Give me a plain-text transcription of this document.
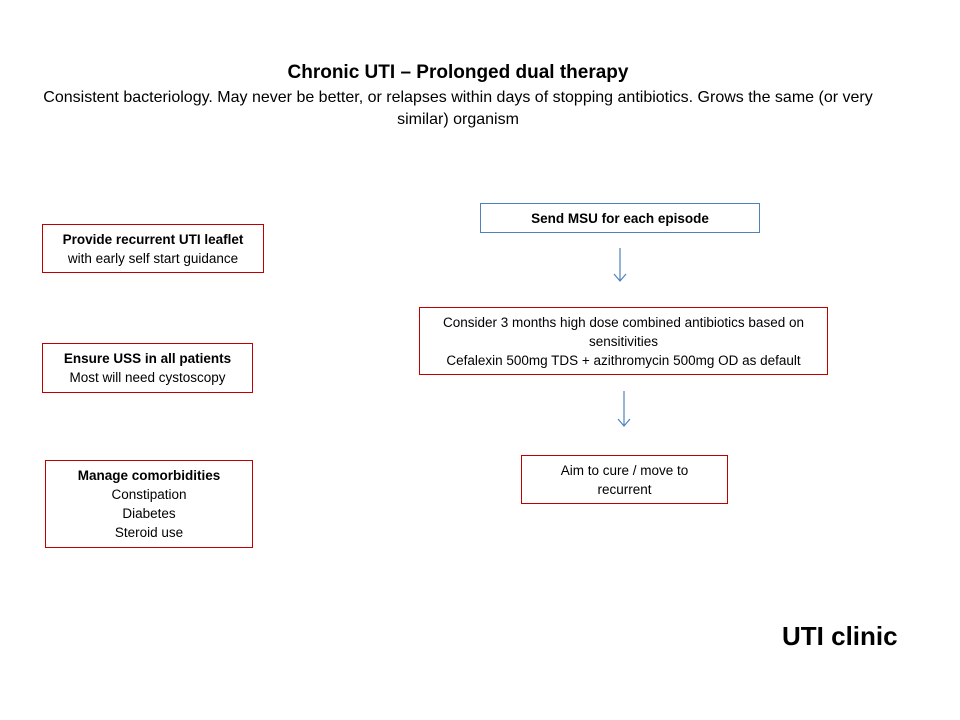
Chronic UTI – Prolonged dual therapy
Consistent bacteriology. May never be better, or relapses within days of stopping antibiotics. Grows the same (or very similar) organism
Provide recurrent UTI leaflet
with early self start guidance
Ensure USS in all patients
Most will need cystoscopy
Manage comorbidities
Constipation
Diabetes
Steroid use
Send MSU for each episode
Consider 3 months high dose combined antibiotics based on sensitivities
Cefalexin 500mg TDS + azithromycin 500mg OD as default
Aim to cure / move to recurrent
UTI clinic
